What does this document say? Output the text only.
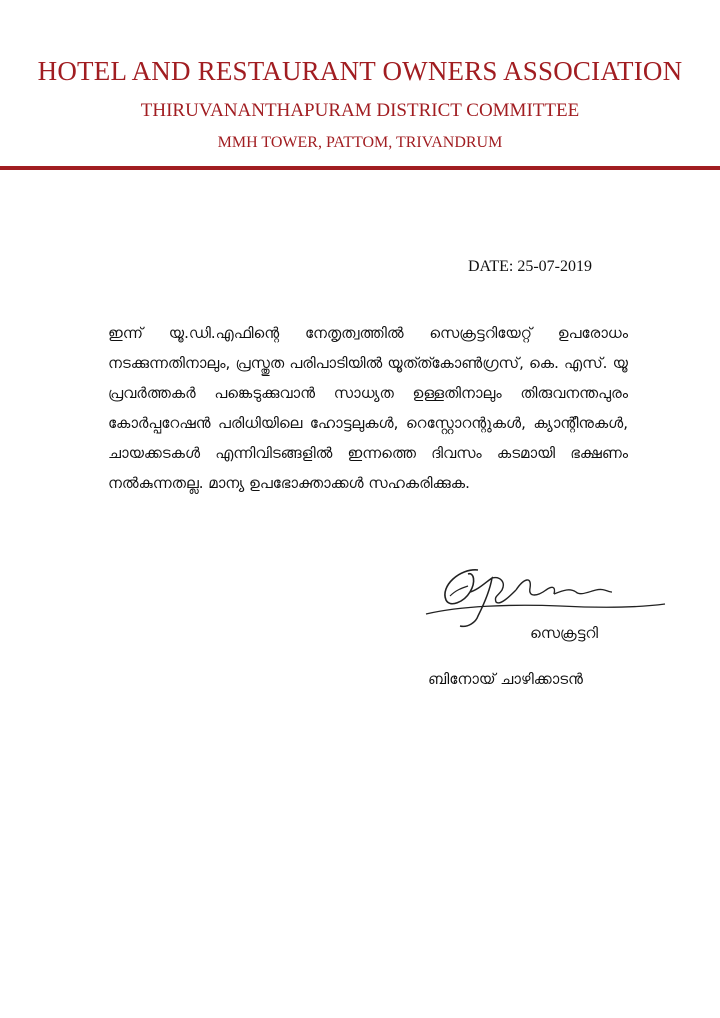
HOTEL AND RESTAURANT OWNERS ASSOCIATION
THIRUVANANTHAPURAM DISTRICT COMMITTEE
MMH TOWER, PATTOM, TRIVANDRUM
DATE: 25-07-2019

ഇന്ന് യൂ.ഡി.എഫിന്റെ നേതൃത്വത്തിൽ സെക്രട്ടറിയേറ്റ് ഉപരോധം നടക്കുന്നതിനാലും, പ്രസ്തുത പരിപാടിയിൽ യൂത്ത്കോൺഗ്രസ്, കെ. എസ്. യൂ പ്രവർത്തകർ പങ്കെടുക്കുവാൻ സാധ്യത ഉള്ളതിനാലും തിരുവനന്തപുരം കോർപ്പറേഷൻ പരിധിയിലെ ഹോട്ടലുകൾ, റെസ്റ്റോറന്റുകൾ, ക്യാന്റീനുകൾ, ചായക്കടകൾ എന്നിവിടങ്ങളിൽ ഇന്നത്തെ ദിവസം കടമായി ഭക്ഷണം നൽകുന്നതല്ല. മാന്യ ഉപഭോക്താക്കൾ സഹകരിക്കുക.

സെക്രട്ടറി
ബിനോയ് ചാഴിക്കാടൻ
